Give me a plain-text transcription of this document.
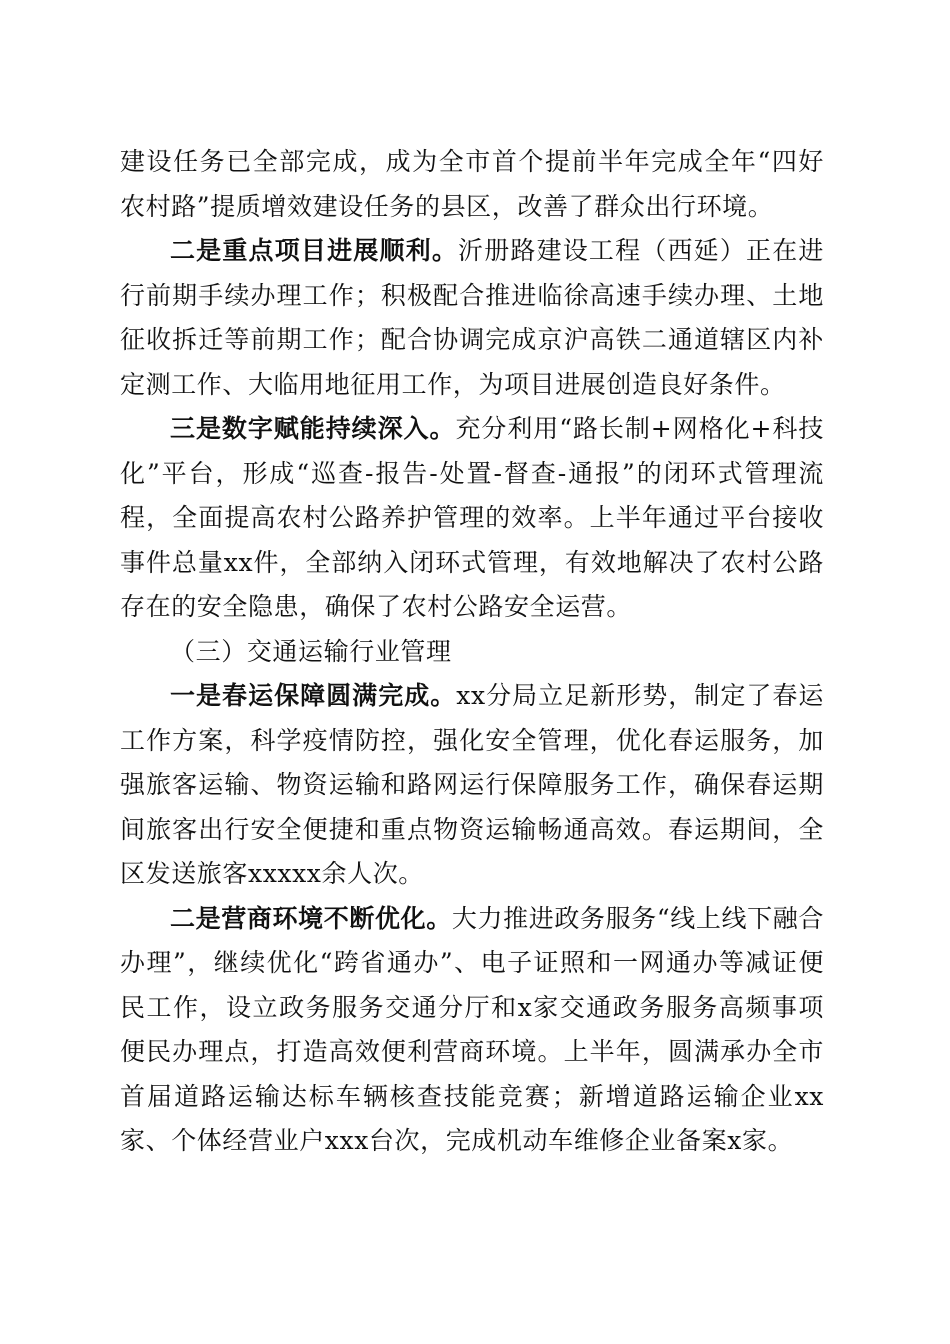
建设任务已全部完成，成为全市首个提前半年完成全年“四好农村路”提质增效建设任务的县区，改善了群众出行环境。

二是重点项目进展顺利。沂册路建设工程（西延）正在进行前期手续办理工作；积极配合推进临徐高速手续办理、土地征收拆迁等前期工作；配合协调完成京沪高铁二通道辖区内补定测工作、大临用地征用工作，为项目进展创造良好条件。

三是数字赋能持续深入。充分利用“路长制+网格化+科技化”平台，形成“巡查-报告-处置-督查-通报”的闭环式管理流程，全面提高农村公路养护管理的效率。上半年通过平台接收事件总量xx件，全部纳入闭环式管理，有效地解决了农村公路存在的安全隐患，确保了农村公路安全运营。

（三）交通运输行业管理

一是春运保障圆满完成。xx分局立足新形势，制定了春运工作方案，科学疫情防控，强化安全管理，优化春运服务，加强旅客运输、物资运输和路网运行保障服务工作，确保春运期间旅客出行安全便捷和重点物资运输畅通高效。春运期间，全区发送旅客xxxxx余人次。

二是营商环境不断优化。大力推进政务服务“线上线下融合办理”，继续优化“跨省通办”、电子证照和一网通办等减证便民工作，设立政务服务交通分厅和x家交通政务服务高频事项便民办理点，打造高效便利营商环境。上半年，圆满承办全市首届道路运输达标车辆核查技能竞赛；新增道路运输企业xx家、个体经营业户xxx台次，完成机动车维修企业备案x家。
